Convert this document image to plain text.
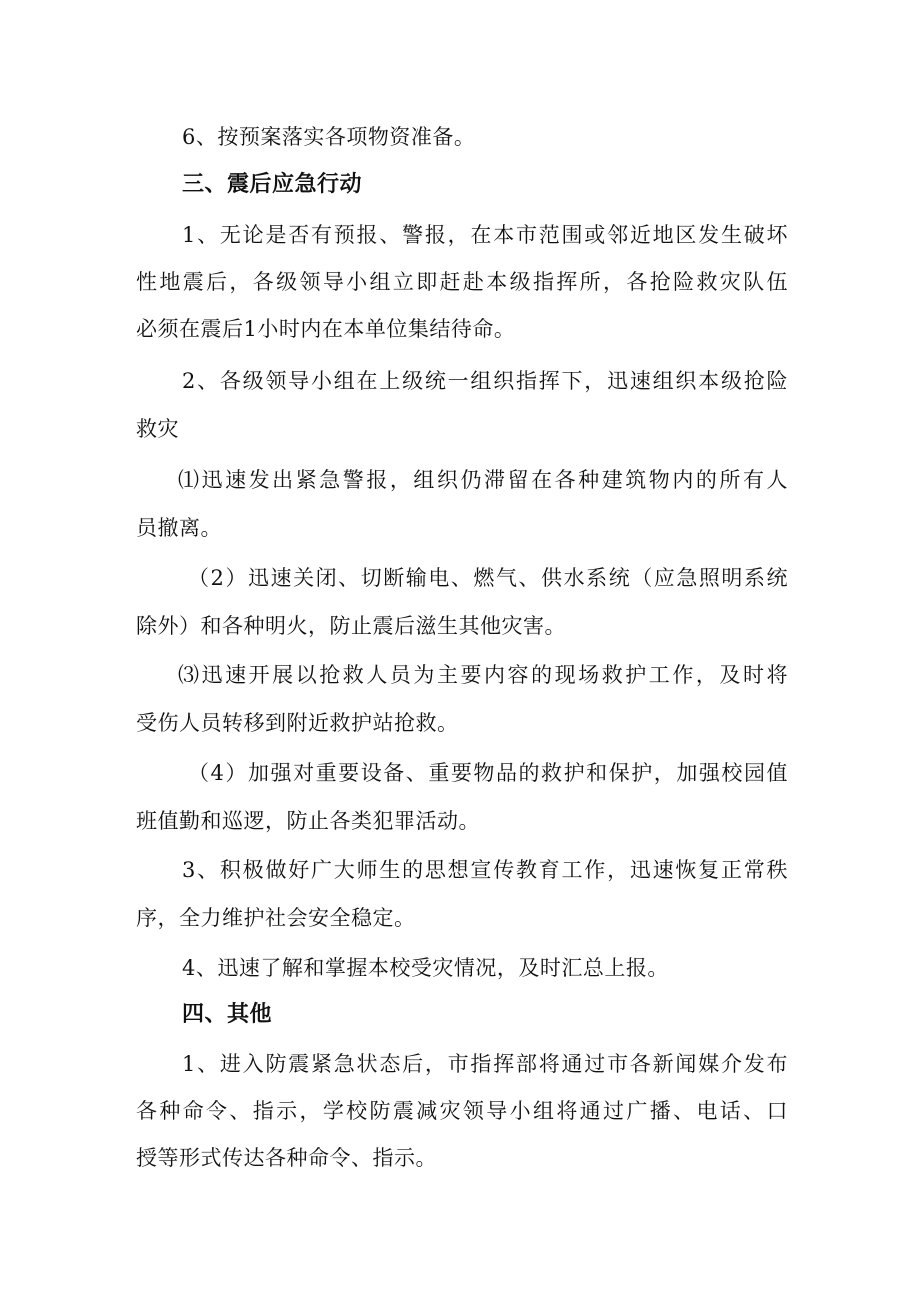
6、按预案落实各项物资准备。
三、震后应急行动
1、无论是否有预报、警报，在本市范围或邻近地区发生破坏
性地震后，各级领导小组立即赶赴本级指挥所，各抢险救灾队伍
必须在震后1小时内在本单位集结待命。
2、各级领导小组在上级统一组织指挥下，迅速组织本级抢险
救灾
⑴迅速发出紧急警报，组织仍滞留在各种建筑物内的所有人
员撤离。
（2）迅速关闭、切断输电、燃气、供水系统（应急照明系统
除外）和各种明火，防止震后滋生其他灾害。
⑶迅速开展以抢救人员为主要内容的现场救护工作，及时将
受伤人员转移到附近救护站抢救。
（4）加强对重要设备、重要物品的救护和保护，加强校园值
班值勤和巡逻，防止各类犯罪活动。
3、积极做好广大师生的思想宣传教育工作，迅速恢复正常秩
序，全力维护社会安全稳定。
4、迅速了解和掌握本校受灾情况，及时汇总上报。
四、其他
1、进入防震紧急状态后，市指挥部将通过市各新闻媒介发布
各种命令、指示，学校防震减灾领导小组将通过广播、电话、口
授等形式传达各种命令、指示。
